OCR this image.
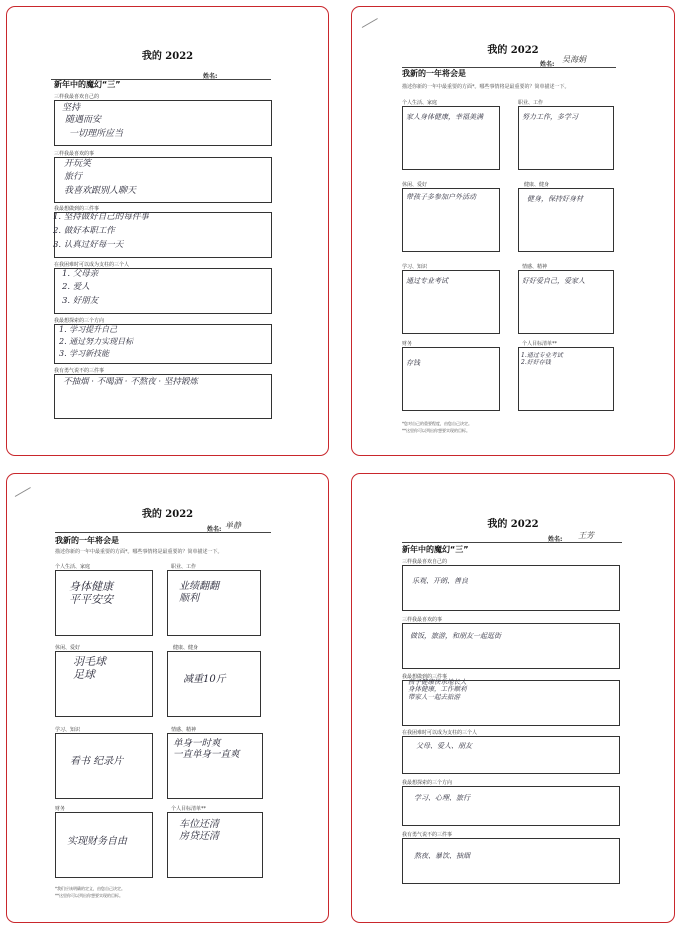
我的 2022
姓名:
新年中的魔幻“三”
三样我最喜欢自己的
坚持
随遇而安
一切理所应当
三样我最喜欢的事
开玩笑
旅行
我喜欢跟别人聊天
我最想做到的三件事
1. 坚持做好自己的每件事
2. 做好本职工作
3. 认真过好每一天
在我困难时可以成为支柱的三个人
1. 父母亲
2. 爱人
3. 好朋友
我最想探索的三个方向
1. 学习提升自己
2. 通过努力实现目标
3. 学习新技能
我有勇气说不的三件事
不抽烟 · 不喝酒 · 不熬夜 · 坚持锻炼
我的 2022
姓名:
吴海娟
我新的一年将会是
描述你新的一年中最重要的方面*。哪些事情将是最重要的？简单描述一下。
个人生活、家庭
家人身体健康，幸福美满
职业、工作
努力工作，多学习
休闲、爱好
带孩子多参加户外活动
健康、健身
健身，保持好身材
学习、知识
通过专业考试
情感、精神
好好爱自己，爱家人
财务
存钱
个人目标清单**
1.通过专业考试
2.好好存钱
*您对自己的重要程度，由您自己决定。
**这里你可以列出你想要实现的目标。
我的 2022
姓名: 单静
我新的一年将会是
描述你新的一年中最重要的方面*。哪些事情将是最重要的？简单描述一下。
个人生活、家庭
身体健康
平平安安
职业、工作
业绩翻翻
顺利
休闲、爱好
羽毛球
足球
健康、健身
减重10斤
学习、知识
看书 纪录片
情感、精神
单身一时爽
一直单身一直爽
财务
实现财务自由
个人目标清单**
车位还清
房贷还清
*我们应该明确的定义，由您自己决定。
**这里你可以列出你想要实现的目标。
我的 2022
姓名: 王芳
新年中的魔幻“三”
三样我最喜欢自己的
乐观、开朗、善良
三样我最喜欢的事
做饭，旅游，和朋友一起逛街
我最想做到的三件事
孩子健康快乐地长大
身体健康，工作顺利
带家人一起去旅游
在我困难时可以成为支柱的三个人
父母、爱人、朋友
我最想探索的三个方向
学习、心理、旅行
我有勇气说不的三件事
熬夜、暴饮、抽烟
